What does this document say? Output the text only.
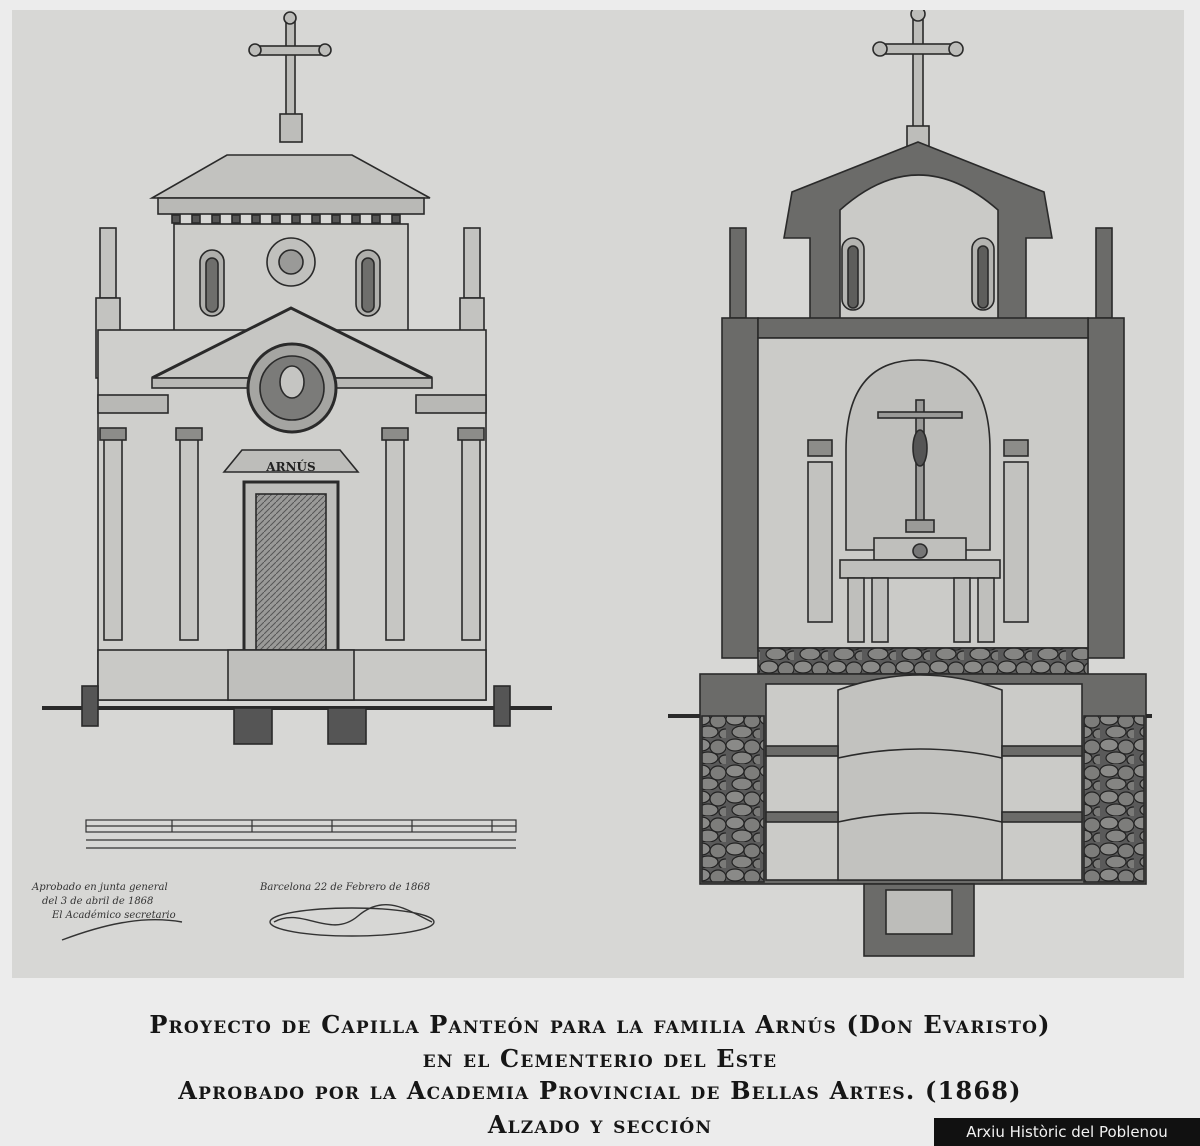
ARNÚS
Aprobado en junta general
del 3 de abril de 1868
El Académico secretario
Barcelona 22 de Febrero de 1868
Proyecto de Capilla Panteón para la familia Arnús (Don Evaristo)
en el Cementerio del Este
Aprobado por la Academia Provincial de Bellas Artes. (1868)
Alzado y sección	Arxiu Històric del Poblenou
